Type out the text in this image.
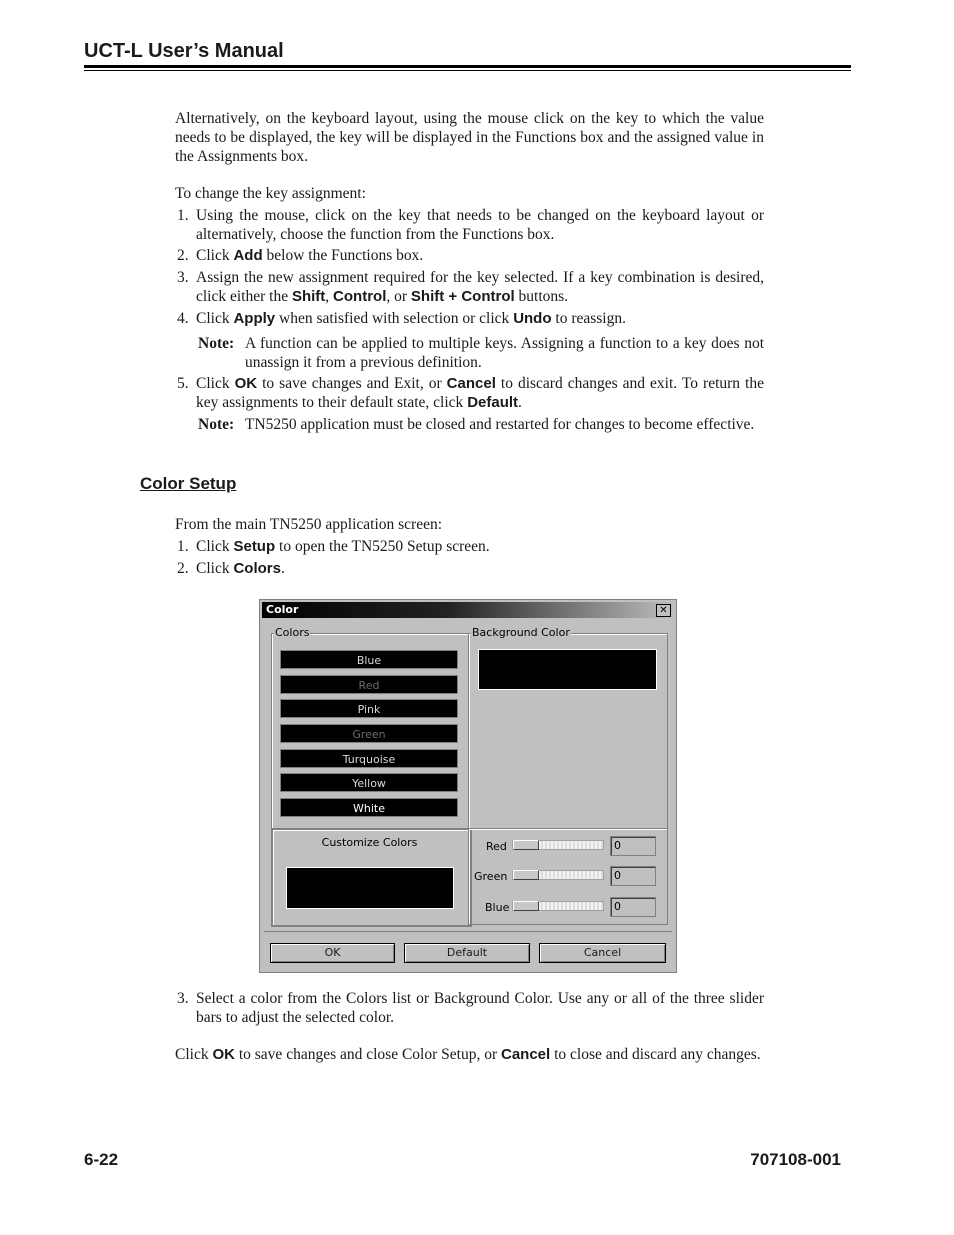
UCT-L User’s Manual
Alternatively, on the keyboard layout, using the mouse click on the key to which the value needs to be displayed, the key will be displayed in the Functions box and the assigned value in the Assignments box.
To change the key assignment:
1. Using the mouse, click on the key that needs to be changed on the keyboard layout or alternatively, choose the function from the Functions box.
2. Click Add below the Functions box.
3. Assign the new assignment required for the key selected. If a key combination is desired, click either the Shift, Control, or Shift + Control buttons.
4. Click Apply when satisfied with selection or click Undo to reassign.
Note: A function can be applied to multiple keys. Assigning a function to a key does not unassign it from a previous definition.
5. Click OK to save changes and Exit, or Cancel to discard changes and exit. To return the key assignments to their default state, click Default.
Note: TN5250 application must be closed and restarted for changes to become effective.
Color Setup
From the main TN5250 application screen:
1. Click Setup to open the TN5250 Setup screen.
2. Click Colors.
Color	✕
Colors	Background Color
Blue
Red
Pink
Green
Turquoise
Yellow
White
Customize Colors	Red	0
Green	0
Blue	0
OK	Default	Cancel
3. Select a color from the Colors list or Background Color. Use any or all of the three slider bars to adjust the selected color.
Click OK to save changes and close Color Setup, or Cancel to close and discard any changes.
6-22	707108-001
